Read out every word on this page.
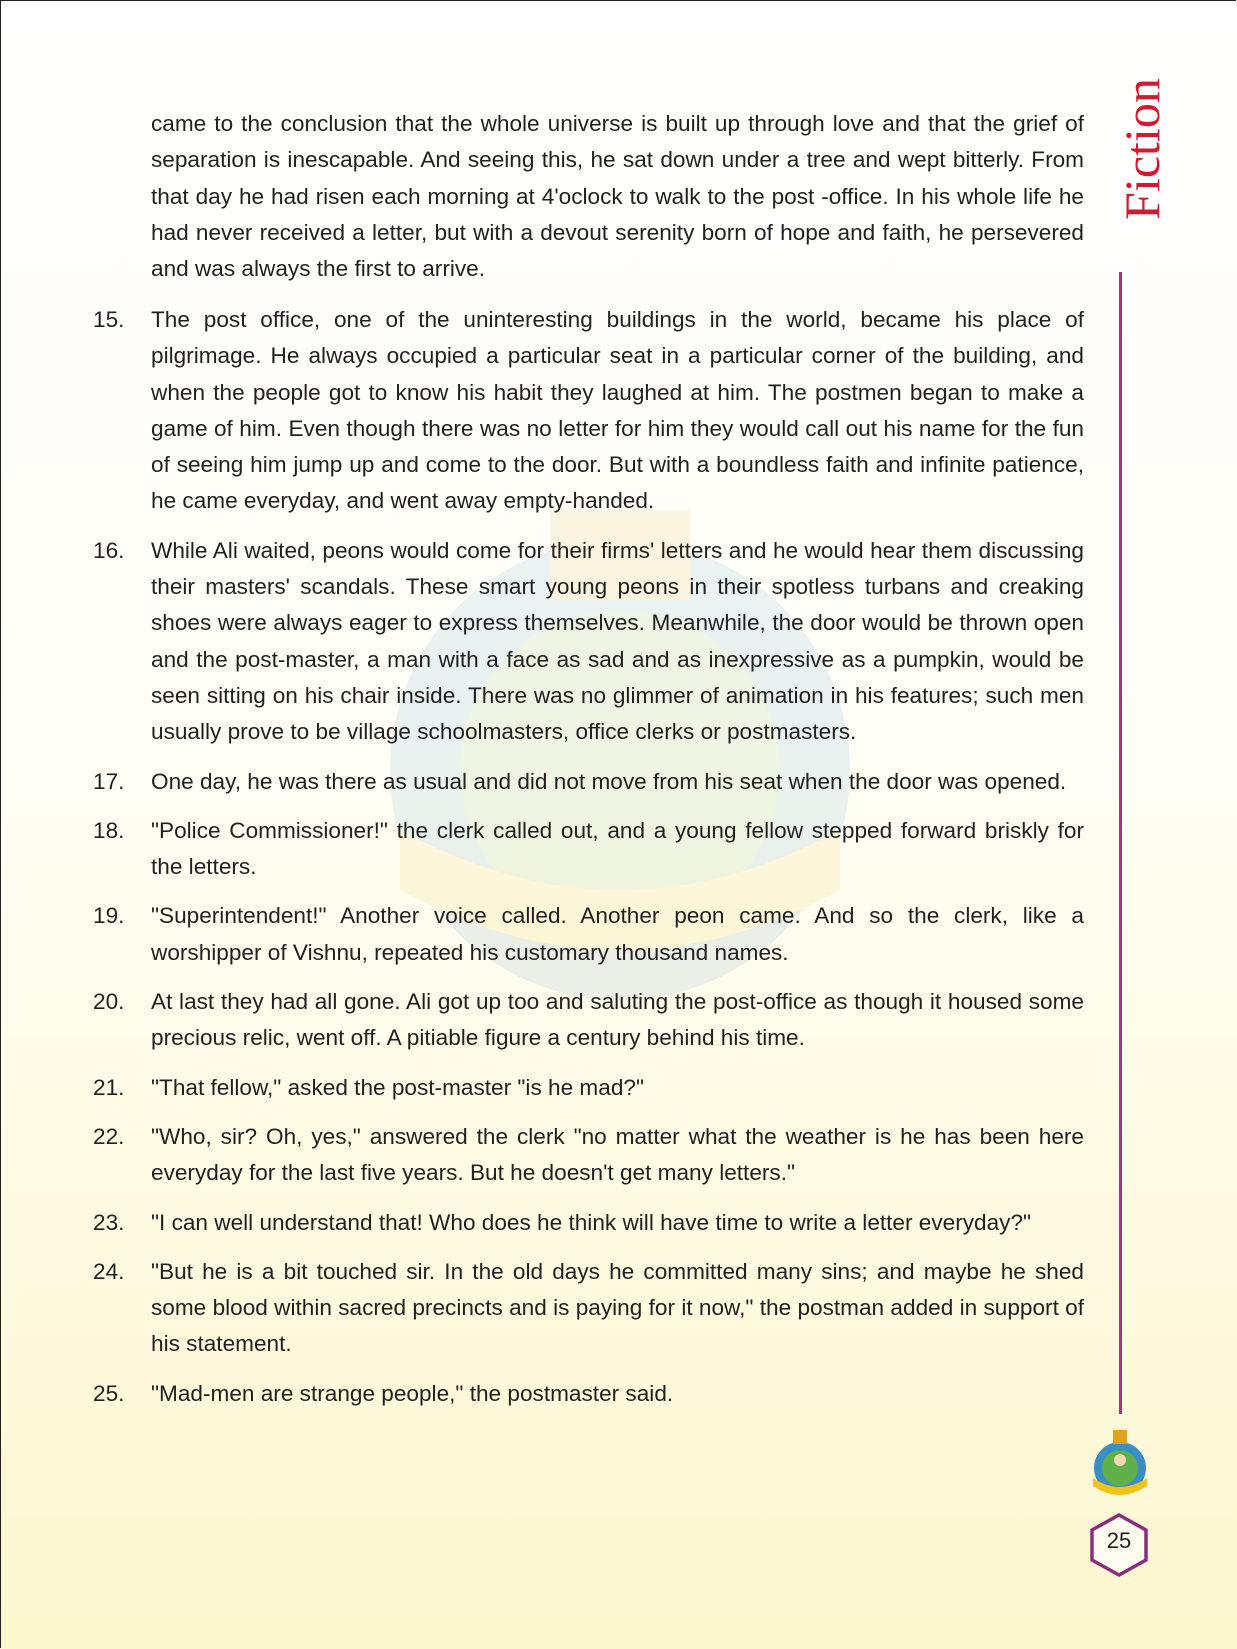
Fiction
came to the conclusion that the whole universe is built up through love and that the grief of separation is inescapable. And seeing this, he sat down under a tree and wept bitterly. From that day he had risen each morning at 4'oclock to walk to the post -office. In his whole life he had never received a letter, but with a devout serenity born of hope and faith, he persevered and was always the first to arrive.
15.	The post office, one of the uninteresting buildings in the world, became his place of pilgrimage. He always occupied a particular seat in a particular corner of the building, and when the people got to know his habit they laughed at him. The postmen began to make a game of him. Even though there was no letter for him they would call out his name for the fun of seeing him jump up and come to the door. But with a boundless faith and infinite patience, he came everyday, and went away empty-handed.
16.	While Ali waited, peons would come for their firms' letters and he would hear them discussing their masters' scandals. These smart young peons in their spotless turbans and creaking shoes were always eager to express themselves. Meanwhile, the door would be thrown open and the post-master, a man with a face as sad and as inexpressive as a pumpkin, would be seen sitting on his chair inside. There was no glimmer of animation in his features; such men usually prove to be village schoolmasters, office clerks or postmasters.
17.	One day, he was there as usual and did not move from his seat when the door was opened.
18.	"Police Commissioner!" the clerk called out, and a young fellow stepped forward briskly for the letters.
19.	"Superintendent!" Another voice called. Another peon came. And so the clerk, like a worshipper of Vishnu, repeated his customary thousand names.
20.	At last they had all gone. Ali got up too and saluting the post-office as though it housed some precious relic, went off. A pitiable figure a century behind his time.
21.	"That fellow," asked the post-master "is he mad?"
22.	"Who, sir? Oh, yes," answered the clerk "no matter what the weather is he has been here everyday for the last five years. But he doesn't get many letters."
23.	"I can well understand that! Who does he think will have time to write a letter everyday?"
24.	"But he is a bit touched sir. In the old days he committed many sins; and maybe he shed some blood within sacred precincts and is paying for it now," the postman added in support of his statement.
25.	"Mad-men are strange people," the postmaster said.
25
